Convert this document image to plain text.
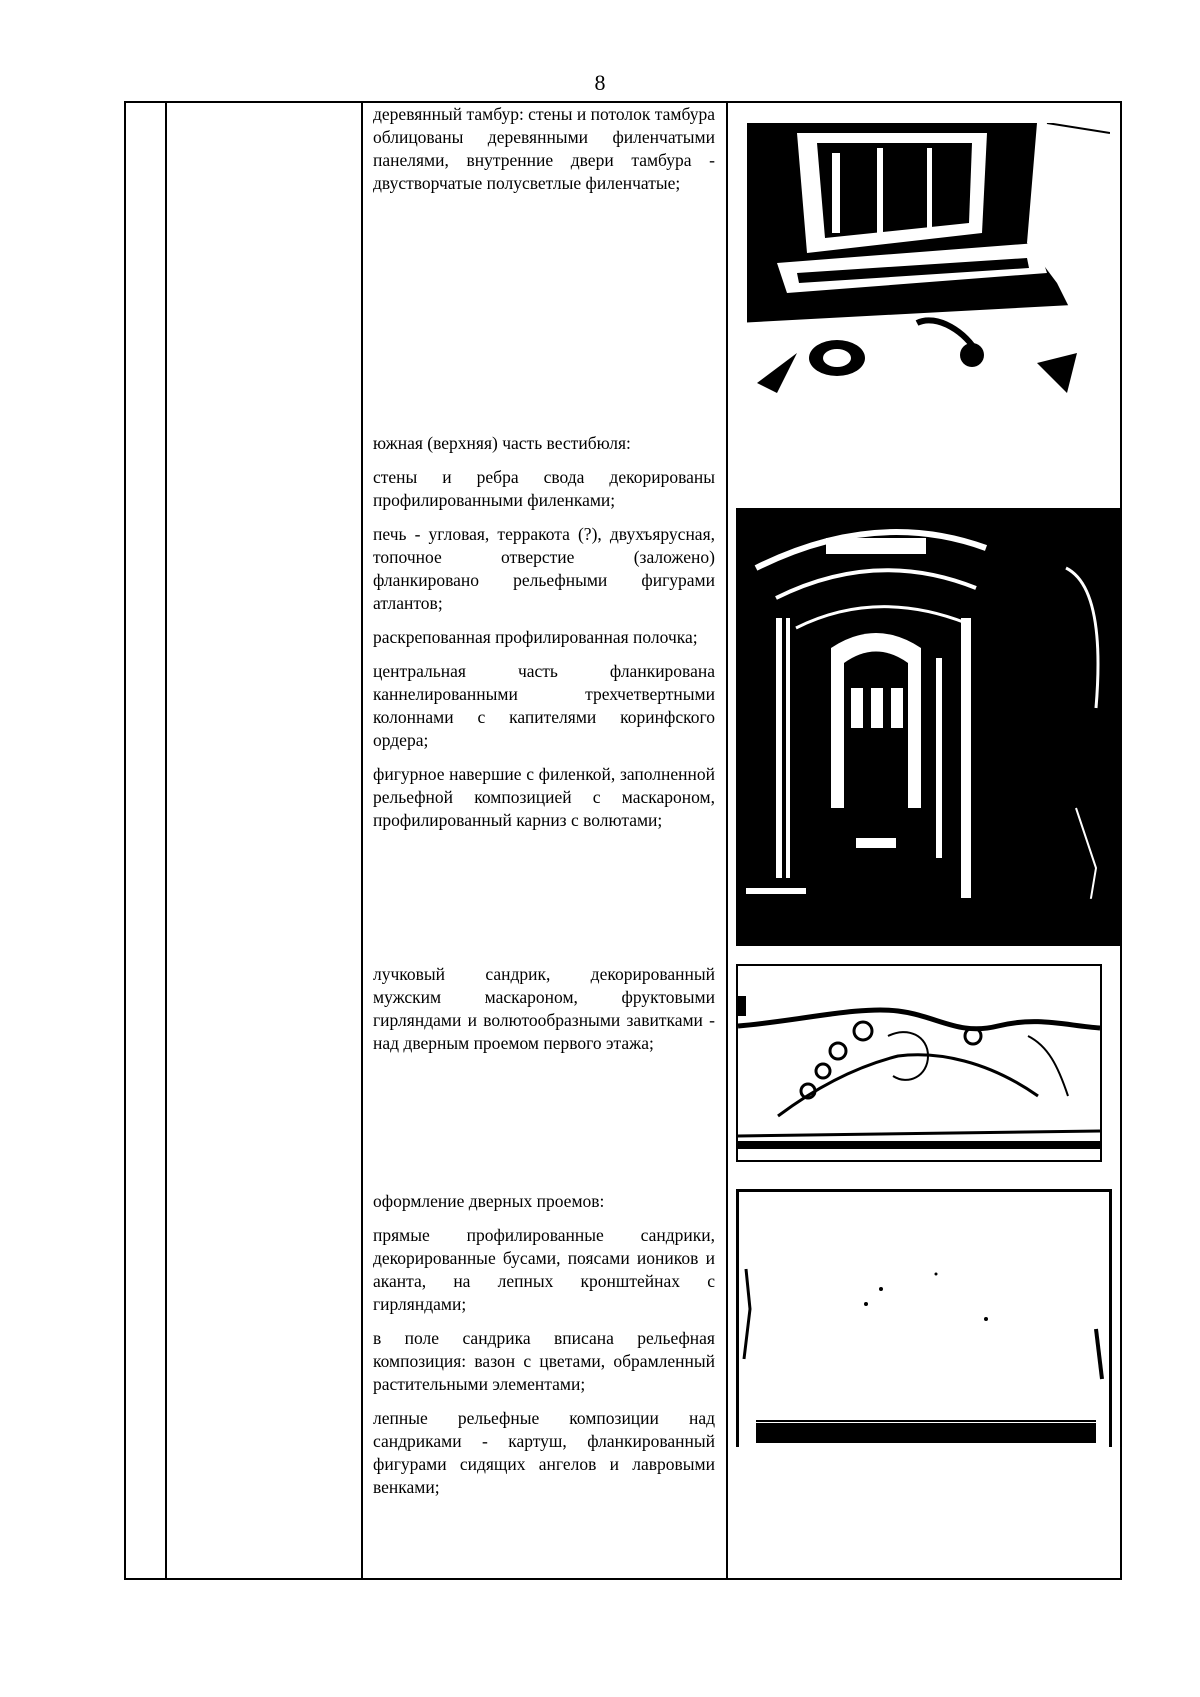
8

деревянный тамбур: стены и потолок тамбура облицованы деревянными филенчатыми панелями, внутренние двери тамбура - двустворчатые полусветлые филенчатые;

южная (верхняя) часть вестибюля:

стены и ребра свода декорированы профилированными филенками;

печь - угловая, терракота (?), двухъярусная, топочное отверстие (заложено) фланкировано рельефными фигурами атлантов;

раскрепованная профилированная полочка;

центральная часть фланкирована каннелированными трехчетвертными колоннами с капителями коринфского ордера;

фигурное навершие с филенкой, заполненной рельефной композицией с маскароном, профилированный карниз с волютами;

лучковый сандрик, декорированный мужским маскароном, фруктовыми гирляндами и волютообразными завитками - над дверным проемом первого этажа;

оформление дверных проемов:

прямые профилированные сандрики, декорированные бусами, поясами иоников и аканта, на лепных кронштейнах с гирляндами;

в поле сандрика вписана рельефная композиция: вазон с цветами, обрамленный растительными элементами;

лепные рельефные композиции над сандриками - картуш, фланкированный фигурами сидящих ангелов и лавровыми венками;
